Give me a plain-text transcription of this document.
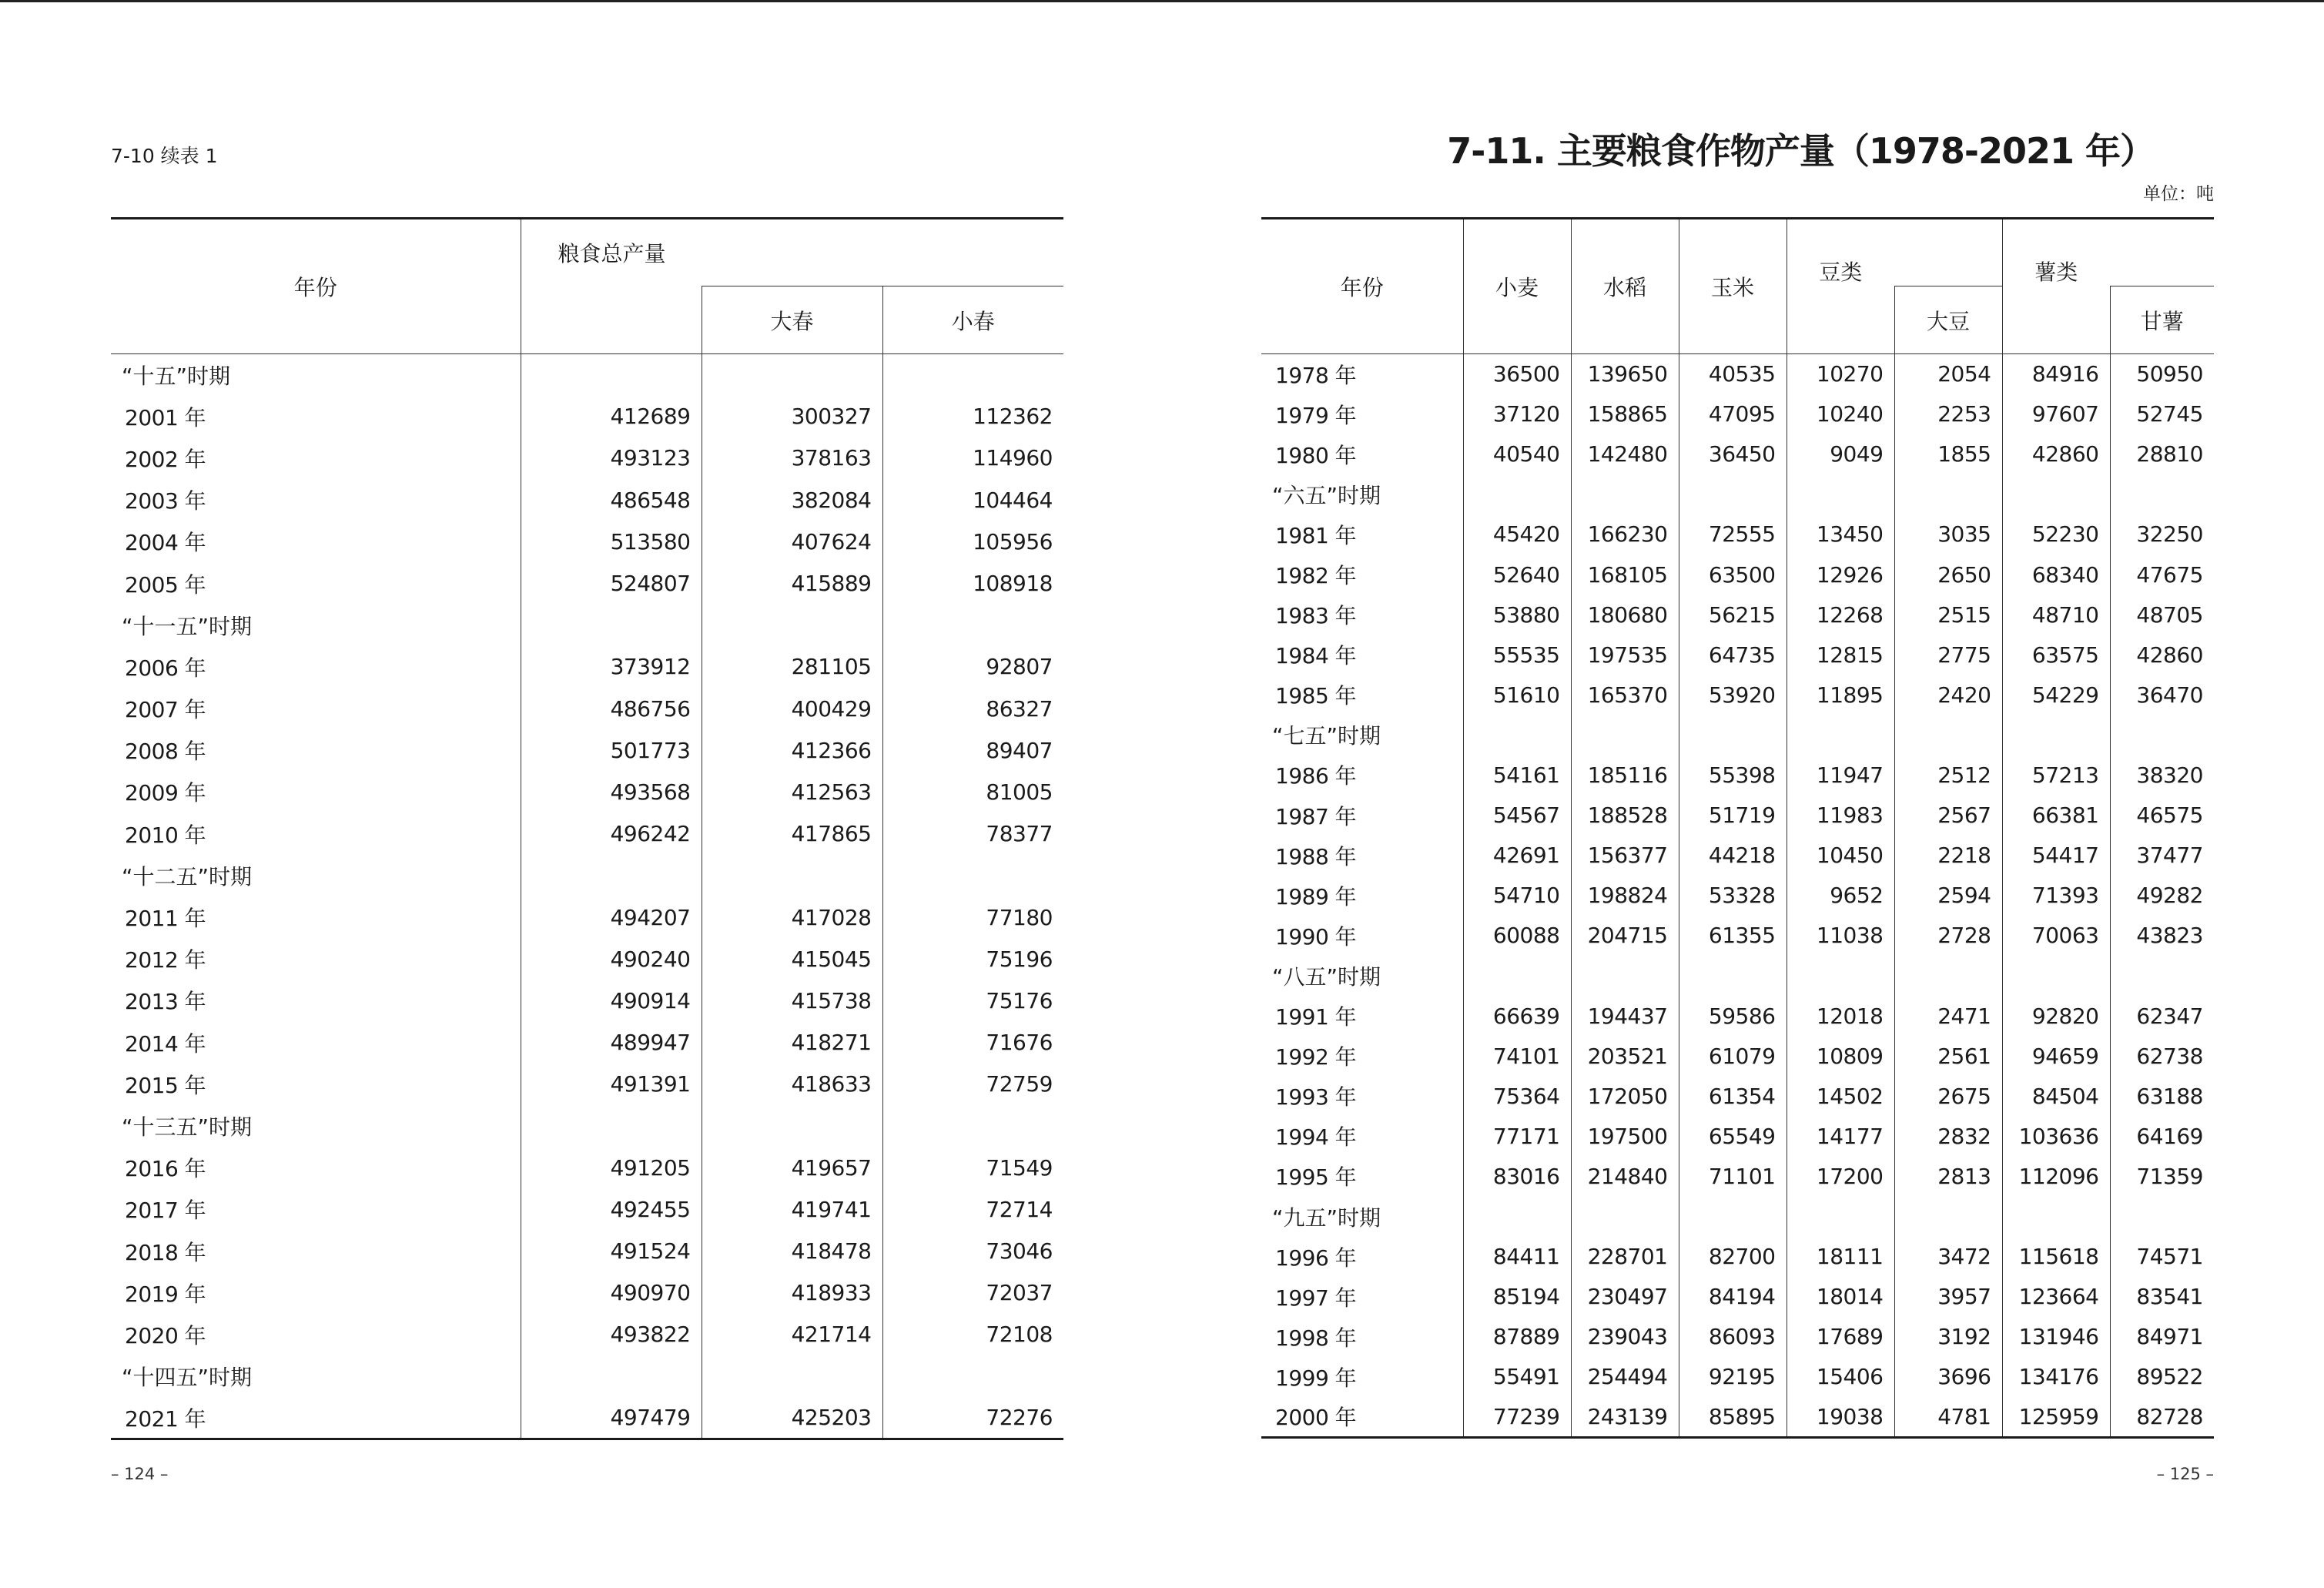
7-10 续表 1
年份	粮食总产量		
		大春	小春
“十五”时期			
2001 年	412689	300327	112362
2002 年	493123	378163	114960
2003 年	486548	382084	104464
2004 年	513580	407624	105956
2005 年	524807	415889	108918
“十一五”时期			
2006 年	373912	281105	92807
2007 年	486756	400429	86327
2008 年	501773	412366	89407
2009 年	493568	412563	81005
2010 年	496242	417865	78377
“十二五”时期			
2011 年	494207	417028	77180
2012 年	490240	415045	75196
2013 年	490914	415738	75176
2014 年	489947	418271	71676
2015 年	491391	418633	72759
“十三五”时期			
2016 年	491205	419657	71549
2017 年	492455	419741	72714
2018 年	491524	418478	73046
2019 年	490970	418933	72037
2020 年	493822	421714	72108
“十四五”时期			
2021 年	497479	425203	72276
– 124 –
7-11. 主要粮食作物产量（1978-2021 年）
单位：吨
年份	小麦	水稻	玉米	豆类		薯类	
					大豆		甘薯
1978 年	36500	139650	40535	10270	2054	84916	50950
1979 年	37120	158865	47095	10240	2253	97607	52745
1980 年	40540	142480	36450	9049	1855	42860	28810
“六五”时期							
1981 年	45420	166230	72555	13450	3035	52230	32250
1982 年	52640	168105	63500	12926	2650	68340	47675
1983 年	53880	180680	56215	12268	2515	48710	48705
1984 年	55535	197535	64735	12815	2775	63575	42860
1985 年	51610	165370	53920	11895	2420	54229	36470
“七五”时期							
1986 年	54161	185116	55398	11947	2512	57213	38320
1987 年	54567	188528	51719	11983	2567	66381	46575
1988 年	42691	156377	44218	10450	2218	54417	37477
1989 年	54710	198824	53328	9652	2594	71393	49282
1990 年	60088	204715	61355	11038	2728	70063	43823
“八五”时期							
1991 年	66639	194437	59586	12018	2471	92820	62347
1992 年	74101	203521	61079	10809	2561	94659	62738
1993 年	75364	172050	61354	14502	2675	84504	63188
1994 年	77171	197500	65549	14177	2832	103636	64169
1995 年	83016	214840	71101	17200	2813	112096	71359
“九五”时期							
1996 年	84411	228701	82700	18111	3472	115618	74571
1997 年	85194	230497	84194	18014	3957	123664	83541
1998 年	87889	239043	86093	17689	3192	131946	84971
1999 年	55491	254494	92195	15406	3696	134176	89522
2000 年	77239	243139	85895	19038	4781	125959	82728
– 125 –
